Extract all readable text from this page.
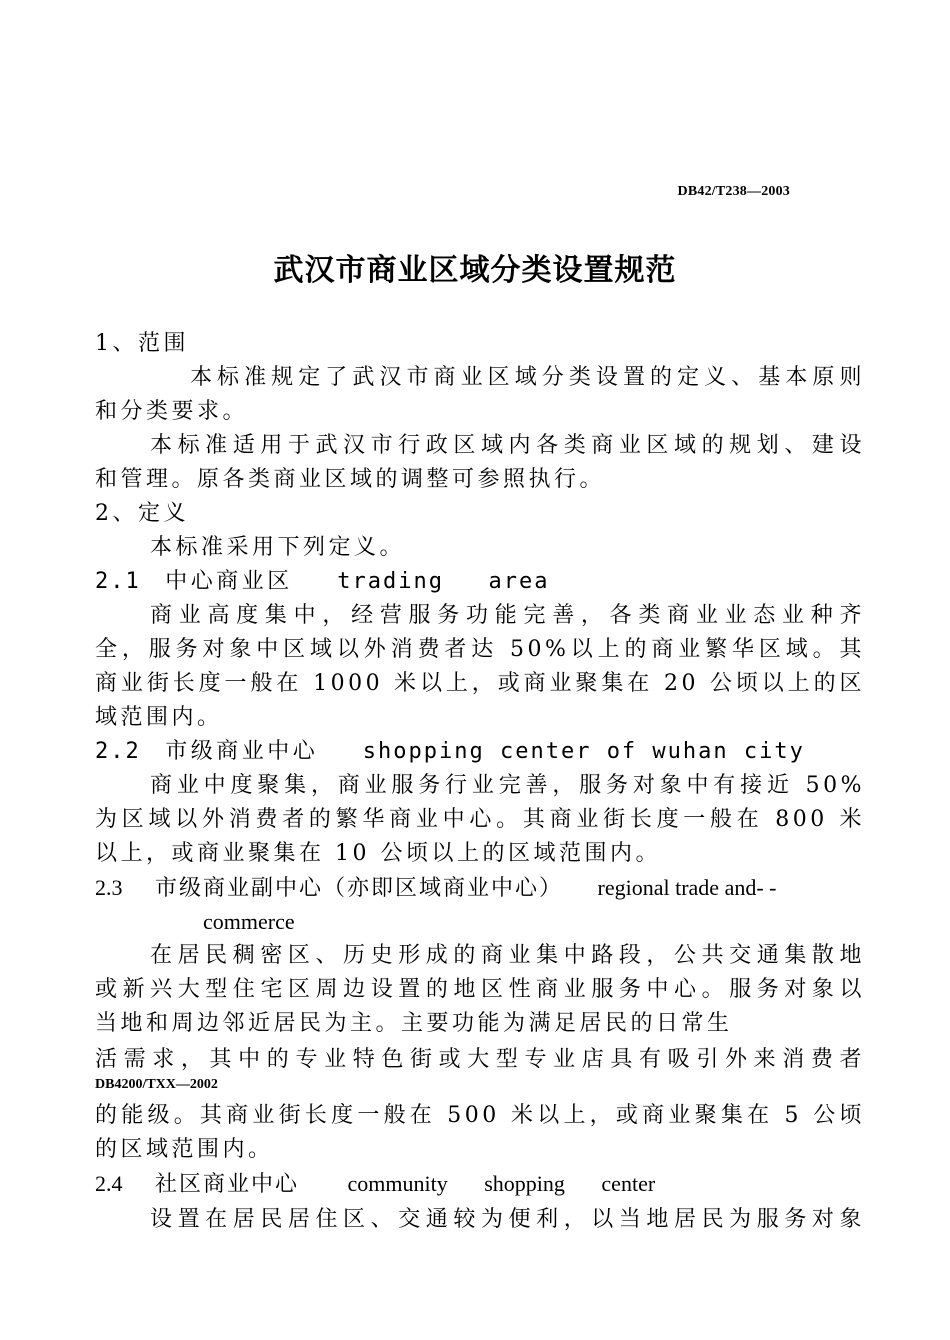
DB42/T238—2003
武汉市商业区域分类设置规范
1、范围
本标准规定了武汉市商业区域分类设置的定义、基本原则
和分类要求。
本标准适用于武汉市行政区域内各类商业区域的规划、建设
和管理。原各类商业区域的调整可参照执行。
2、定义
本标准采用下列定义。
2.1 中心商业区 trading area
商业高度集中，经营服务功能完善，各类商业业态业种齐
全，服务对象中区域以外消费者达 50%以上的商业繁华区域。其
商业街长度一般在 1000 米以上，或商业聚集在 20 公顷以上的区
域范围内。
2.2 市级商业中心 shopping center of wuhan city
商业中度聚集，商业服务行业完善，服务对象中有接近 50%
为区域以外消费者的繁华商业中心。其商业街长度一般在 800 米
以上，或商业聚集在 10 公顷以上的区域范围内。
2.3 市级商业副中心（亦即区域商业中心） regional trade and- -
commerce
在居民稠密区、历史形成的商业集中路段，公共交通集散地
或新兴大型住宅区周边设置的地区性商业服务中心。服务对象以
当地和周边邻近居民为主。主要功能为满足居民的日常生
活需求，其中的专业特色街或大型专业店具有吸引外来消费者
DB4200/TXX—2002
的能级。其商业街长度一般在 500 米以上，或商业聚集在 5 公顷
的区域范围内。
2.4 社区商业中心 community shopping center
设置在居民居住区、交通较为便利，以当地居民为服务对象
